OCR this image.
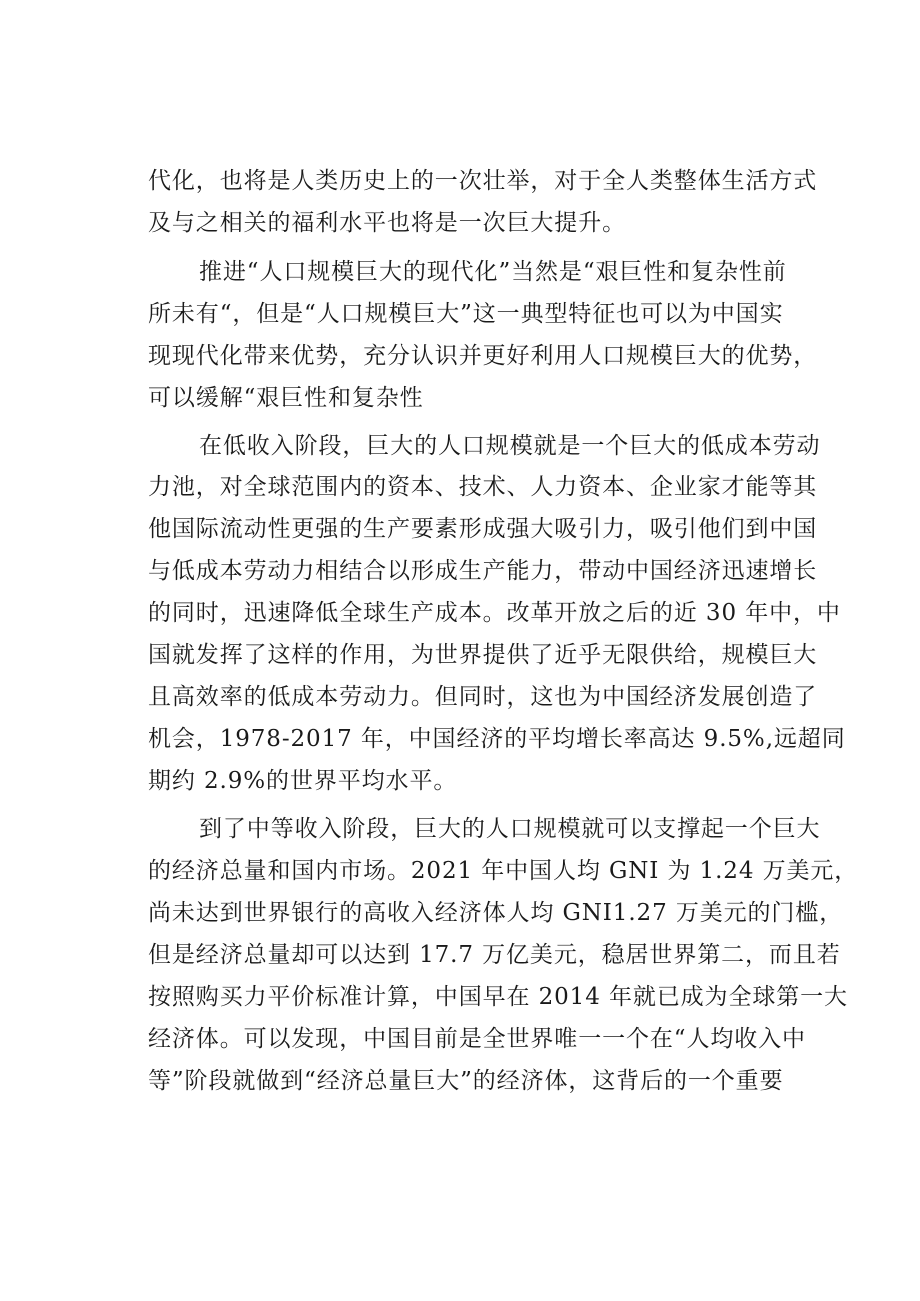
代化，也将是人类历史上的一次壮举，对于全人类整体生活方式
及与之相关的福利水平也将是一次巨大提升。
推进“人口规模巨大的现代化”当然是“艰巨性和复杂性前
所未有“，但是“人口规模巨大”这一典型特征也可以为中国实
现现代化带来优势，充分认识并更好利用人口规模巨大的优势，
可以缓解“艰巨性和复杂性
在低收入阶段，巨大的人口规模就是一个巨大的低成本劳动
力池，对全球范围内的资本、技术、人力资本、企业家才能等其
他国际流动性更强的生产要素形成强大吸引力，吸引他们到中国
与低成本劳动力相结合以形成生产能力，带动中国经济迅速增长
的同时，迅速降低全球生产成本。改革开放之后的近 30 年中，中
国就发挥了这样的作用，为世界提供了近乎无限供给，规模巨大
且高效率的低成本劳动力。但同时，这也为中国经济发展创造了
机会，1978-2017 年，中国经济的平均增长率高达 9.5%,远超同
期约 2.9%的世界平均水平。
到了中等收入阶段，巨大的人口规模就可以支撑起一个巨大
的经济总量和国内市场。2021 年中国人均 GNI 为 1.24 万美元，
尚未达到世界银行的高收入经济体人均 GNI1.27 万美元的门槛，
但是经济总量却可以达到 17.7 万亿美元，稳居世界第二，而且若
按照购买力平价标准计算，中国早在 2014 年就已成为全球第一大
经济体。可以发现，中国目前是全世界唯一一个在“人均收入中
等”阶段就做到“经济总量巨大”的经济体，这背后的一个重要
